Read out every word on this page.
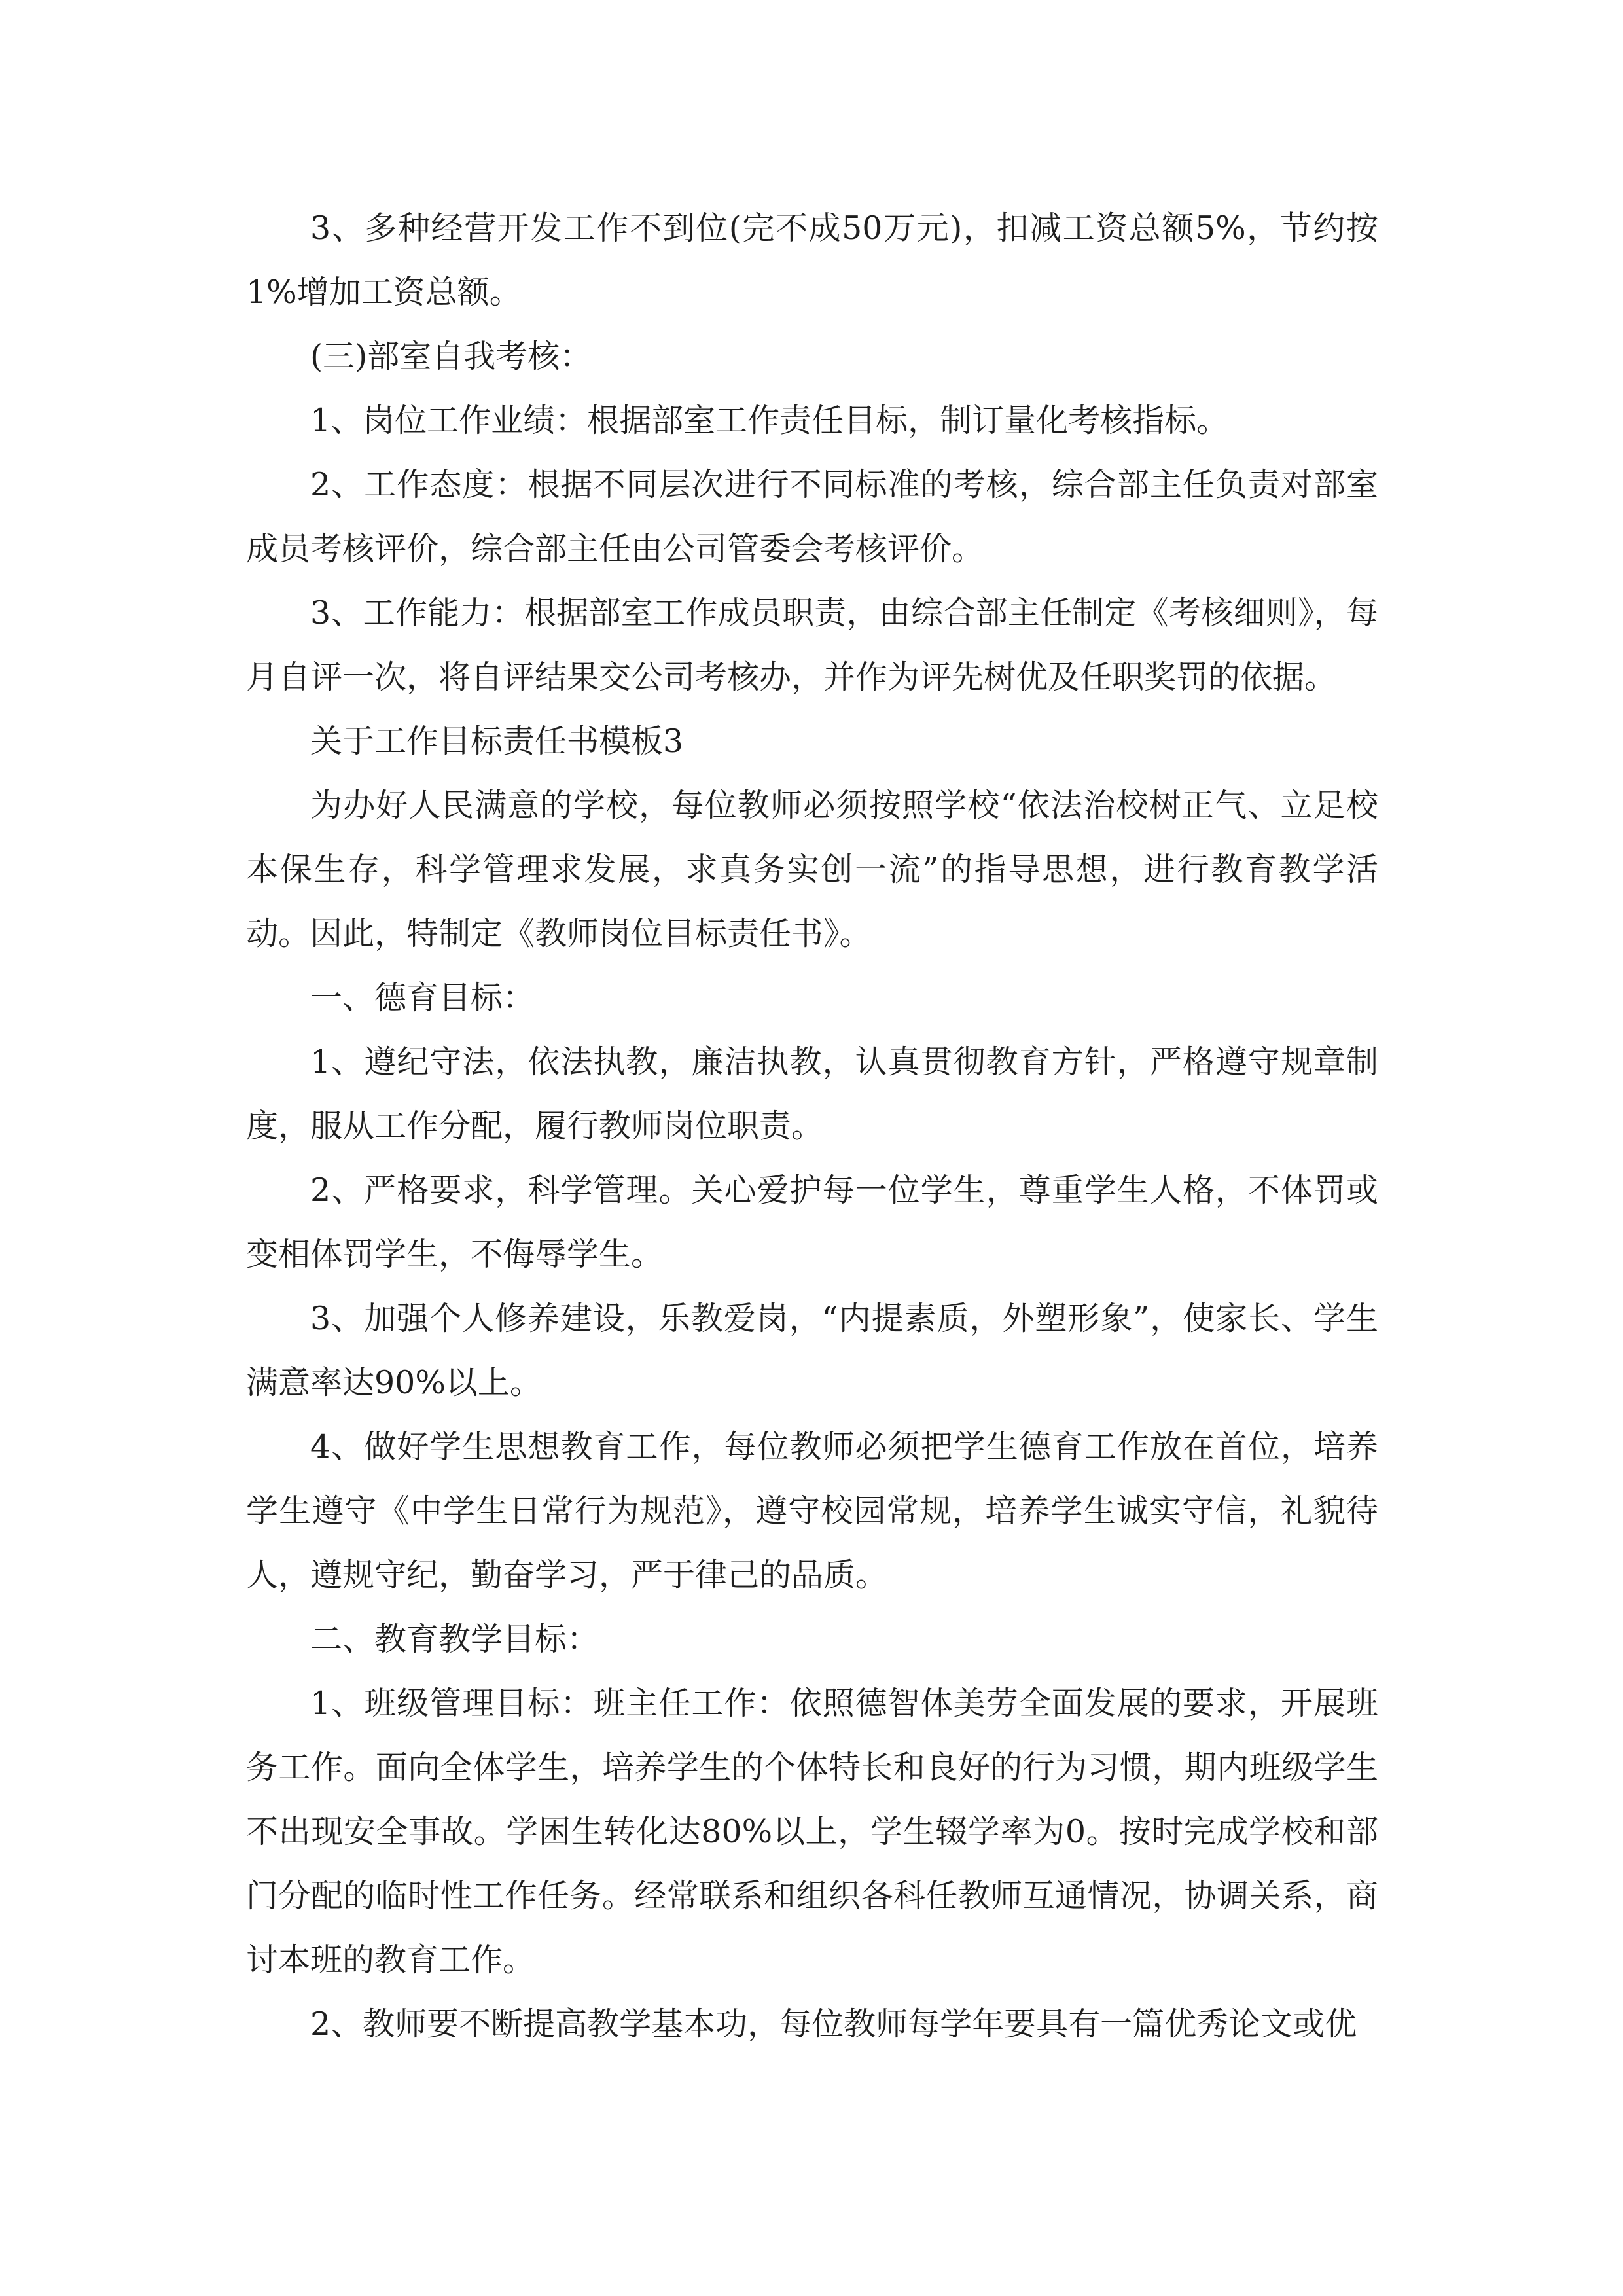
3、多种经营开发工作不到位(完不成50万元)，扣减工资总额5%，节约按1%增加工资总额。

(三)部室自我考核：

1、岗位工作业绩：根据部室工作责任目标，制订量化考核指标。

2、工作态度：根据不同层次进行不同标准的考核，综合部主任负责对部室成员考核评价，综合部主任由公司管委会考核评价。

3、工作能力：根据部室工作成员职责，由综合部主任制定《考核细则》，每月自评一次，将自评结果交公司考核办，并作为评先树优及任职奖罚的依据。

关于工作目标责任书模板3

为办好人民满意的学校，每位教师必须按照学校“依法治校树正气、立足校本保生存，科学管理求发展，求真务实创一流”的指导思想，进行教育教学活动。因此，特制定《教师岗位目标责任书》。

一、德育目标：

1、遵纪守法，依法执教，廉洁执教，认真贯彻教育方针，严格遵守规章制度，服从工作分配，履行教师岗位职责。

2、严格要求，科学管理。关心爱护每一位学生，尊重学生人格，不体罚或变相体罚学生，不侮辱学生。

3、加强个人修养建设，乐教爱岗，“内提素质，外塑形象”，使家长、学生满意率达90%以上。

4、做好学生思想教育工作，每位教师必须把学生德育工作放在首位，培养学生遵守《中学生日常行为规范》，遵守校园常规，培养学生诚实守信，礼貌待人，遵规守纪，勤奋学习，严于律己的品质。

二、教育教学目标：

1、班级管理目标：班主任工作：依照德智体美劳全面发展的要求，开展班务工作。面向全体学生，培养学生的个体特长和良好的行为习惯，期内班级学生不出现安全事故。学困生转化达80%以上，学生辍学率为0。按时完成学校和部门分配的临时性工作任务。经常联系和组织各科任教师互通情况，协调关系，商讨本班的教育工作。

2、教师要不断提高教学基本功，每位教师每学年要具有一篇优秀论文或优
